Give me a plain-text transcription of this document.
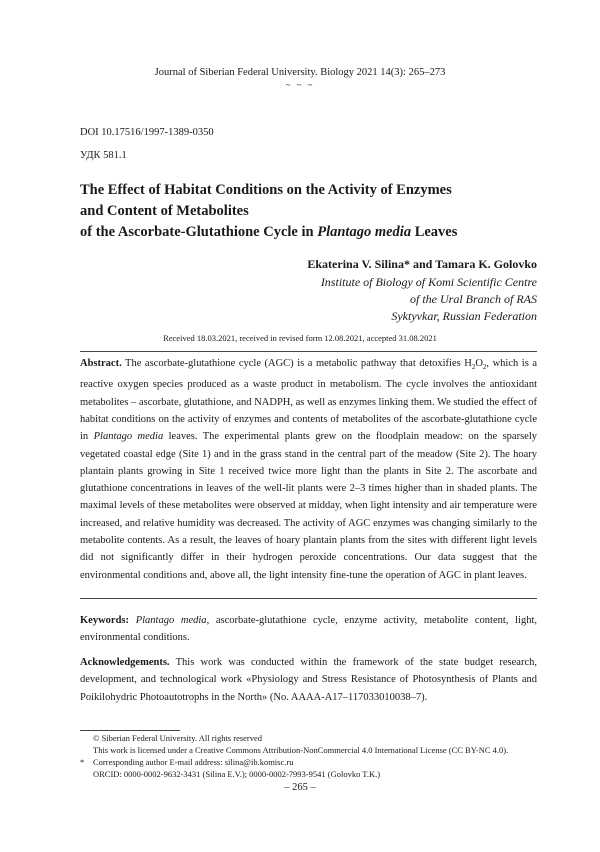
Journal of Siberian Federal University. Biology 2021 14(3): 265–273
~ ~ ~
DOI 10.17516/1997-1389-0350
УДК 581.1
The Effect of Habitat Conditions on the Activity of Enzymes
and Content of Metabolites
of the Ascorbate-Glutathione Cycle in Plantago media Leaves
Ekaterina V. Silina* and Tamara K. Golovko
Institute of Biology of Komi Scientific Centre
of the Ural Branch of RAS
Syktyvkar, Russian Federation
Received 18.03.2021, received in revised form 12.08.2021, accepted 31.08.2021
Abstract. The ascorbate-glutathione cycle (AGC) is a metabolic pathway that detoxifies $H_2O_2$, which is a reactive oxygen species produced as a waste product in metabolism. The cycle involves the antioxidant metabolites – ascorbate, glutathione, and NADPH, as well as enzymes linking them. We studied the effect of habitat conditions on the activity of enzymes and contents of metabolites of the ascorbate-glutathione cycle in Plantago media leaves. The experimental plants grew on the floodplain meadow: on the sparsely vegetated coastal edge (Site 1) and in the grass stand in the central part of the meadow (Site 2). The hoary plantain plants growing in Site 1 received twice more light than the plants in Site 2. The ascorbate and glutathione concentrations in leaves of the well-lit plants were 2–3 times higher than in shaded plants. The maximal levels of these metabolites were observed at midday, when light intensity and air temperature were increased, and relative humidity was decreased. The activity of AGC enzymes was changing similarly to the metabolite contents. As a result, the leaves of hoary plantain plants from the sites with different light levels did not significantly differ in their hydrogen peroxide concentrations. Our data suggest that the environmental conditions and, above all, the light intensity fine-tune the operation of AGC in plant leaves.
Keywords: Plantago media, ascorbate-glutathione cycle, enzyme activity, metabolite content, light, environmental conditions.
Acknowledgements. This work was conducted within the framework of the state budget research, development, and technological work «Physiology and Stress Resistance of Photosynthesis of Plants and Poikilohydric Photoautotrophs in the North» (No. AAAA-A17–117033010038–7).
© Siberian Federal University. All rights reserved
This work is licensed under a Creative Commons Attribution-NonCommercial 4.0 International License (CC BY-NC 4.0).
* Corresponding author E-mail address: silina@ib.komisc.ru
ORCID: 0000-0002-9632-3431 (Silina E.V.); 0000-0002-7993-9541 (Golovko T.K.)
– 265 –
